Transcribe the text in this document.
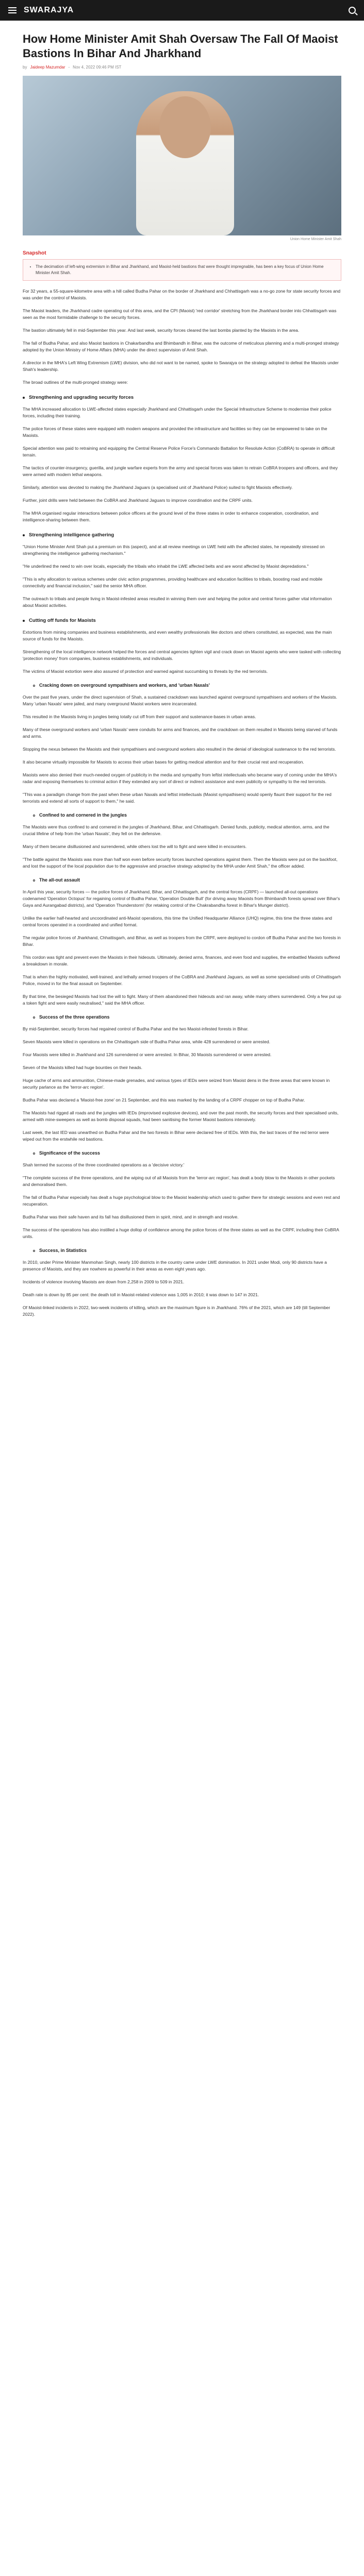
SWARAJYA
How Home Minister Amit Shah Oversaw The Fall Of Maoist Bastions In Bihar And Jharkhand
by Jaideep Mazumdar - Nov 4, 2022 09:46 PM IST
Union Home Minister Amit Shah
Snapshot
• The decimation of left-wing extremism in Bihar and Jharkhand, and Maoist-held bastions that were thought impregnable, has been a key focus of Union Home Minister Amit Shah.

For 32 years, a 55-square-kilometre area with a hill called Budha Pahar on the border of Jharkhand and Chhattisgarh was a no-go zone for state security forces and was under the control of Maoists.

The Maoist leaders, the Jharkhand cadre operating out of this area, and the CPI (Maoist) 'red corridor' stretching from the Jharkhand border into Chhattisgarh was seen as the most formidable challenge to the security forces.

The bastion ultimately fell in mid-September this year. And last week, security forces cleared the last bombs planted by the Maoists in the area.

The fall of Budha Pahar, and also Maoist bastions in Chakarbandha and Bhimbandh in Bihar, was the outcome of meticulous planning and a multi-pronged strategy adopted by the Union Ministry of Home Affairs (MHA) under the direct supervision of Amit Shah.

A director in the MHA's Left Wing Extremism (LWE) division, who did not want to be named, spoke to Swarajya on the strategy adopted to defeat the Maoists under Shah's leadership.

The broad outlines of the multi-pronged strategy were:

Strengthening and upgrading security forces

The MHA increased allocation to LWE-affected states especially Jharkhand and Chhattisgarh under the Special Infrastructure Scheme to modernise their police forces, including their training.

The police forces of these states were equipped with modern weapons and provided the infrastructure and facilities so they can be empowered to take on the Maoists.

Special attention was paid to retraining and equipping the Central Reserve Police Force's Commando Battalion for Resolute Action (CoBRA) to operate in difficult terrain.

The tactics of counter-insurgency, guerilla, and jungle warfare experts from the army and special forces was taken to retrain CoBRA troopers and officers, and they were armed with modern lethal weapons.

Similarly, attention was devoted to making the Jharkhand Jaguars (a specialised unit of Jharkhand Police) suited to fight Maoists effectively.

Further, joint drills were held between the CoBRA and Jharkhand Jaguars to improve coordination and the CRPF units.

The MHA organised regular interactions between police officers at the ground level of the three states in order to enhance cooperation, coordination, and intelligence-sharing between them.

Strengthening intelligence gathering

"Union Home Minister Amit Shah put a premium on this (aspect), and at all review meetings on LWE held with the affected states, he repeatedly stressed on strengthening the intelligence gathering mechanism."

"He underlined the need to win over locals, especially the tribals who inhabit the LWE affected belts and are worst affected by Maoist depredations."

"This is why allocation to various schemes under civic action programmes, providing healthcare and education facilities to tribals, boosting road and mobile connectivity and financial inclusion," said the senior MHA officer.

The outreach to tribals and people living in Maoist-infested areas resulted in winning them over and helping the police and central forces gather vital information about Maoist activities.

Cutting off funds for Maoists

Extortions from mining companies and business establishments, and even wealthy professionals like doctors and others constituted, as expected, was the main source of funds for the Maoists.

Strengthening of the local intelligence network helped the forces and central agencies tighten vigil and crack down on Maoist agents who were tasked with collecting 'protection money' from companies, business establishments, and individuals.

The victims of Maoist extortion were also assured of protection and warned against succumbing to threats by the red terrorists.

Cracking down on overground sympathisers and workers, and 'urban Naxals'

Over the past five years, under the direct supervision of Shah, a sustained crackdown was launched against overground sympathisers and workers of the Maoists. Many 'urban Naxals' were jailed, and many overground Maoist workers were incarcerated.

This resulted in the Maoists living in jungles being totally cut off from their support and sustenance-bases in urban areas.

Many of these overground workers and 'urban Naxals' were conduits for arms and finances, and the crackdown on them resulted in Maoists being starved of funds and arms.

Stopping the nexus between the Maoists and their sympathisers and overground workers also resulted in the denial of ideological sustenance to the red terrorists.

It also became virtually impossible for Maoists to access their urban bases for getting medical attention and for their crucial rest and recuperation.

Maoists were also denied their much-needed oxygen of publicity in the media and sympathy from leftist intellectuals who became wary of coming under the MHA's radar and exposing themselves to criminal action if they extended any sort of direct or indirect assistance and even publicity or sympathy to the red terrorists.

"This was a paradigm change from the past when these urban Naxals and leftist intellectuals (Maoist sympathisers) would openly flaunt their support for the red terrorists and extend all sorts of support to them," he said.

Confined to and cornered in the jungles

The Maoists were thus confined to and cornered in the jungles of Jharkhand, Bihar, and Chhattisgarh. Denied funds, publicity, medical attention, arms, and the crucial lifeline of help from the 'urban Naxals', they fell on the defensive.

Many of them became disillusioned and surrendered, while others lost the will to fight and were killed in encounters.

"The battle against the Maoists was more than half won even before security forces launched operations against them. Then the Maoists were put on the backfoot, and lost the support of the local population due to the aggressive and proactive strategy adopted by the MHA under Amit Shah," the officer added.

The all-out assault

In April this year, security forces — the police forces of Jharkhand, Bihar, and Chhattisgarh, and the central forces (CRPF) — launched all-out operations codenamed 'Operation Octopus' for regaining control of Budha Pahar, 'Operation Double Bull' (for driving away Maoists from Bhimbandh forests spread over Bihar's Gaya and Aurangabad districts), and 'Operation Thunderstorm' (for retaking control of the Chakrabandha forest in Bihar's Munger district).

Unlike the earlier half-hearted and uncoordinated anti-Maoist operations, this time the Unified Headquarter Alliance (UHQ) regime, this time the three states and central forces operated in a coordinated and unified format.

The regular police forces of Jharkhand, Chhattisgarh, and Bihar, as well as troopers from the CRPF, were deployed to cordon off Budha Pahar and the two forests in Bihar.

This cordon was tight and prevent even the Maoists in their hideouts. Ultimately, denied arms, finances, and even food and supplies, the embattled Maoists suffered a breakdown in morale.

That is when the highly motivated, well-trained, and lethally armed troopers of the CoBRA and Jharkhand Jaguars, as well as some specialised units of Chhattisgarh Police, moved in for the final assault on September.

By that time, the besieged Maoists had lost the will to fight. Many of them abandoned their hideouts and ran away, while many others surrendered. Only a few put up a token fight and were easily neutralised," said the MHA officer.

Success of the three operations

By mid-September, security forces had regained control of Budha Pahar and the two Maoist-infested forests in Bihar.

Seven Maoists were killed in operations on the Chhattisgarh side of Budha Pahar area, while 428 surrendered or were arrested.

Four Maoists were killed in Jharkhand and 126 surrendered or were arrested. In Bihar, 30 Maoists surrendered or were arrested.

Seven of the Maoists killed had huge bounties on their heads.

Huge cache of arms and ammunition, Chinese-made grenades, and various types of IEDs were seized from Maoist dens in the three areas that were known in security parlance as the 'terror-arc region'.

Budha Pahar was declared a 'Maoist-free zone' on 21 September, and this was marked by the landing of a CRPF chopper on top of Budha Pahar.

The Maoists had rigged all roads and the jungles with IEDs (improvised explosive devices), and over the past month, the security forces and their specialised units, armed with mine-sweepers as well as bomb disposal squads, had been sanitising the former Maoist bastions intensively.

Last week, the last IED was unearthed on Budha Pahar and the two forests in Bihar were declared free of IEDs. With this, the last traces of the red terror were wiped out from the erstwhile red bastions.

Significance of the success

Shah termed the success of the three coordinated operations as a 'decisive victory.'

"The complete success of the three operations, and the wiping out of all Maoists from the 'terror-arc region', has dealt a body blow to the Maoists in other pockets and demoralised them.

The fall of Budha Pahar especially has dealt a huge psychological blow to the Maoist leadership which used to gather there for strategic sessions and even rest and recuperation.

Budha Pahar was their safe haven and its fall has disillusioned them in spirit, mind, and in strength and resolve.

The success of the operations has also instilled a huge dollop of confidence among the police forces of the three states as well as the CRPF, including their CoBRA units.

Success, in Statistics

In 2010, under Prime Minister Manmohan Singh, nearly 100 districts in the country came under LWE domination. In 2021 under Modi, only 90 districts have a presence of Maoists, and they are nowhere as powerful in their areas as even eight years ago.

Incidents of violence involving Maoists are down from 2,258 in 2009 to 509 in 2021.

Death rate is down by 85 per cent: the death toll in Maoist-related violence was 1,005 in 2010; it was down to 147 in 2021.

Of Maoist-linked incidents in 2022, two-week incidents of killing, which are the maximum figure is in Jharkhand. 76% of the 2021, which are 149 (till September 2022).
